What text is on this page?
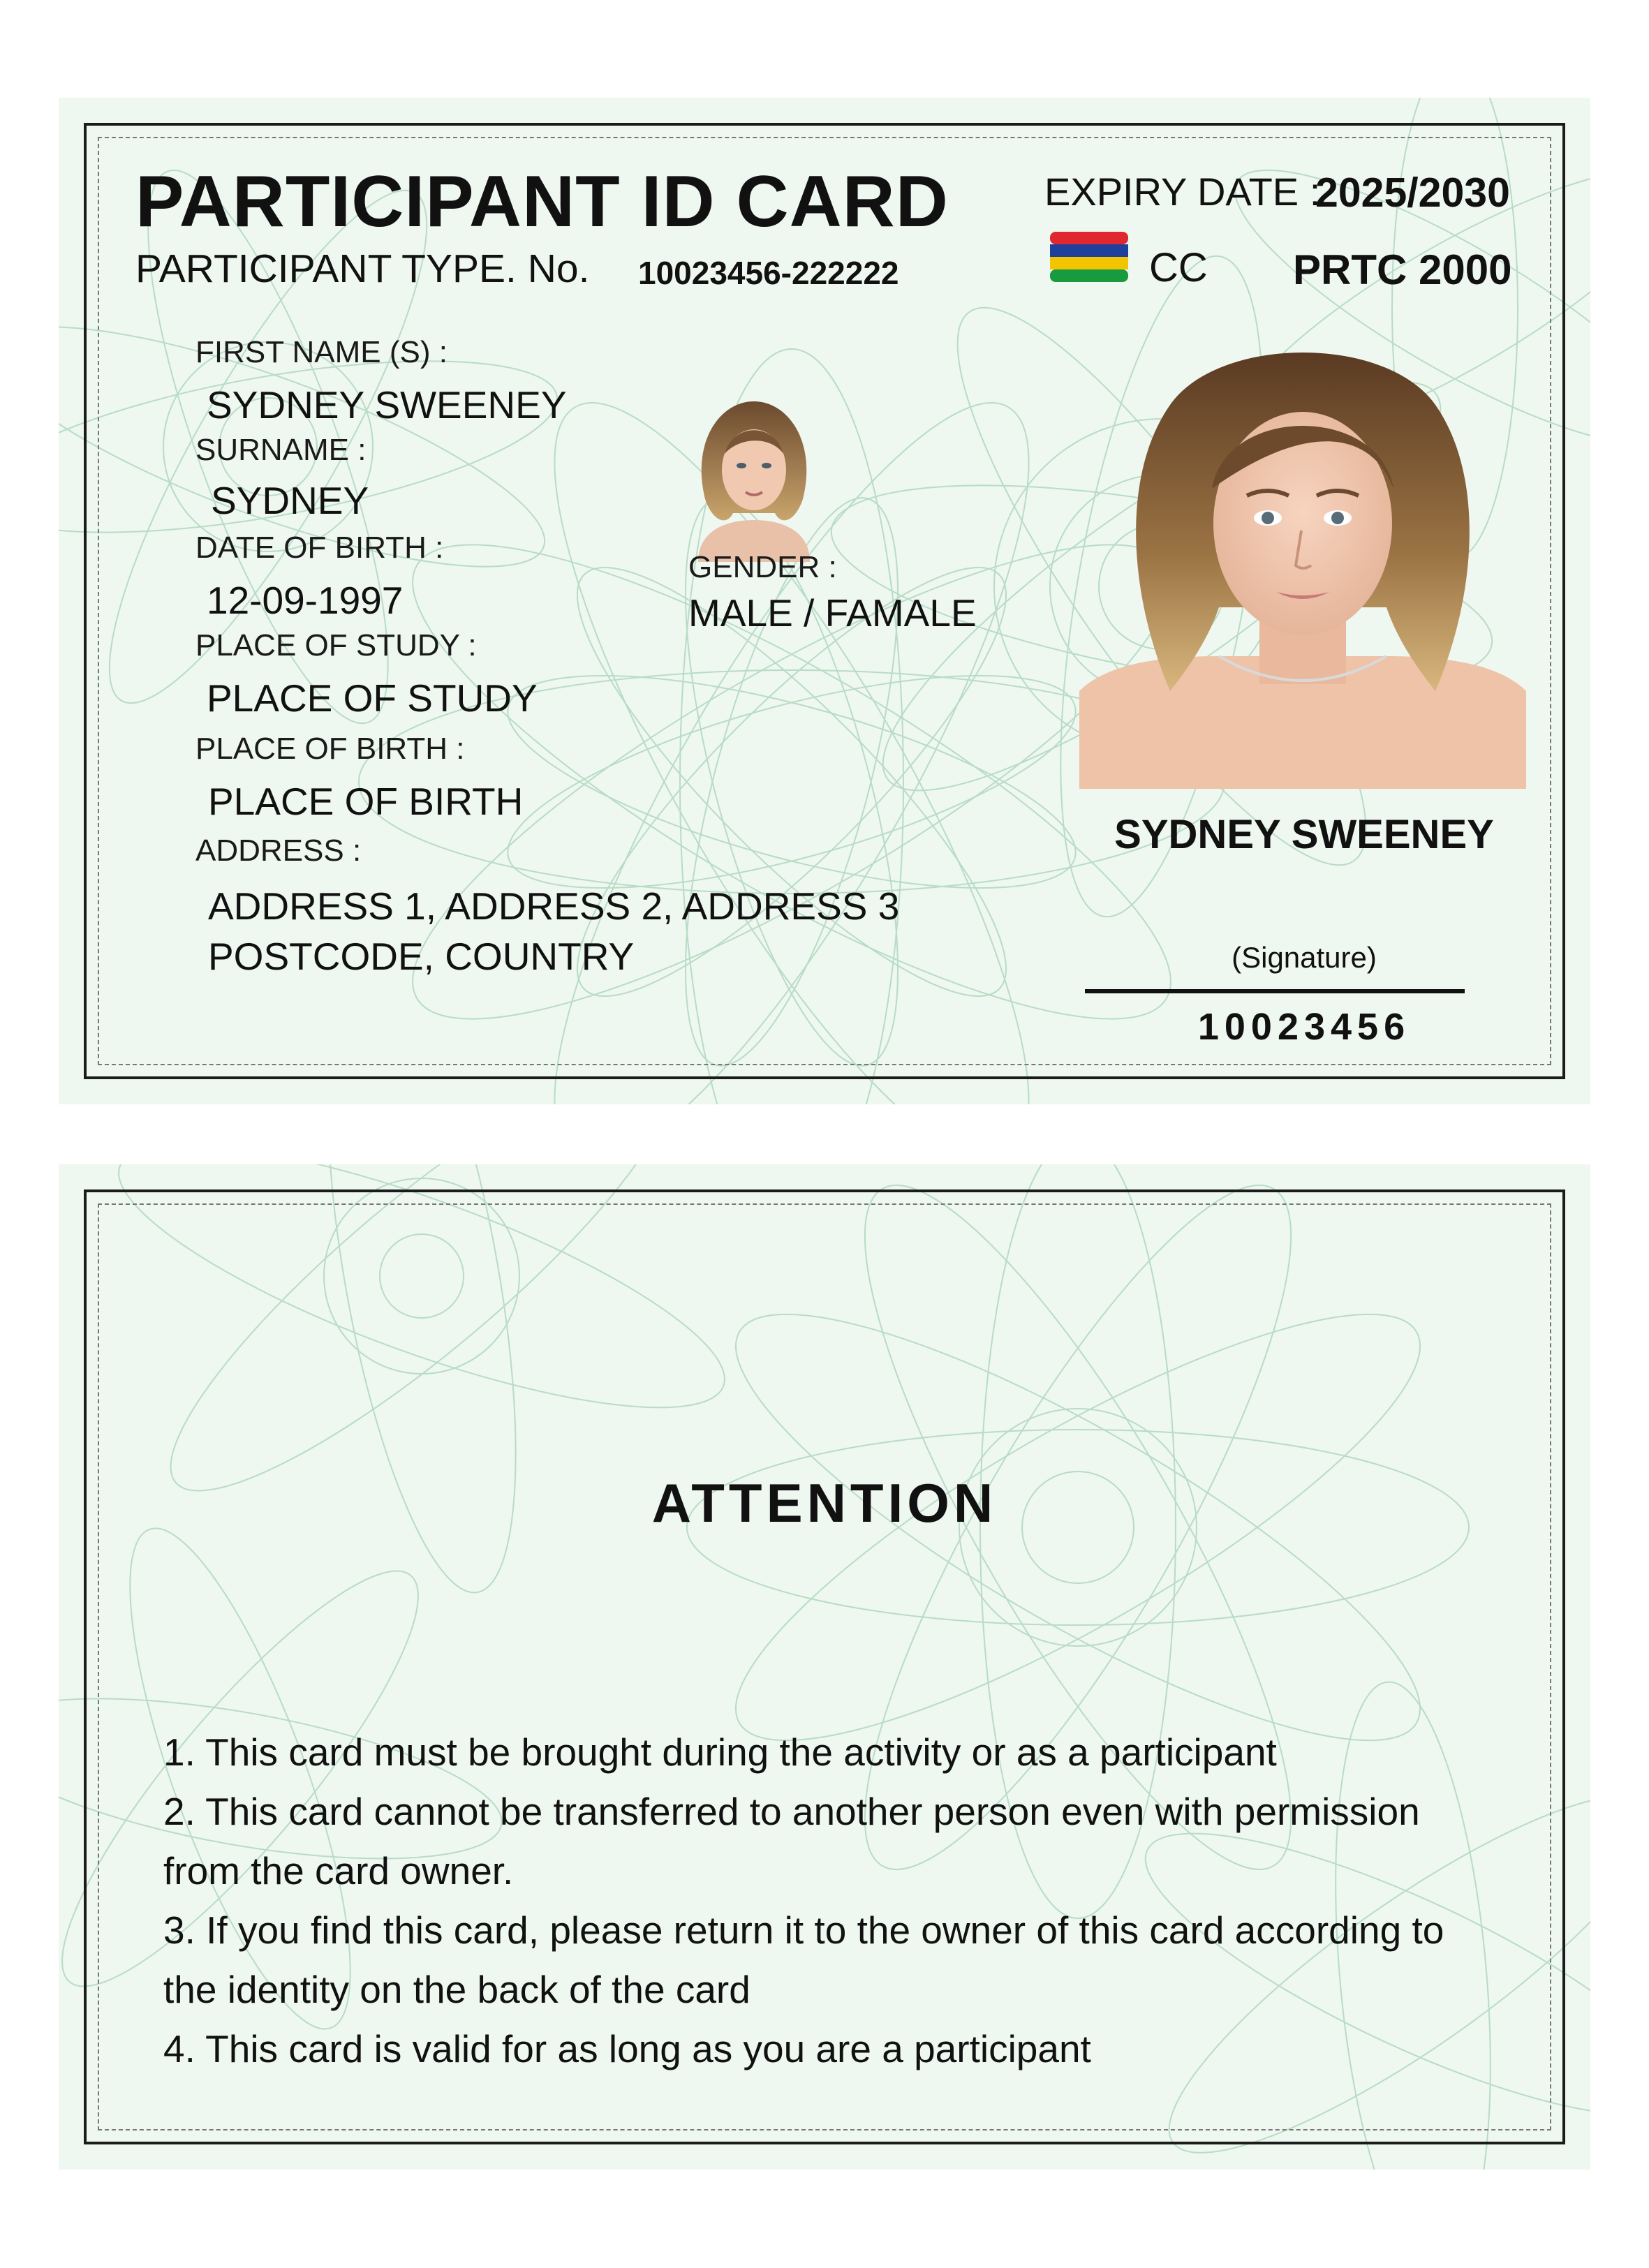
PARTICIPANT ID CARD
PARTICIPANT TYPE. No. 10023456-222222
EXPIRY DATE :
2025/2030
CC PRTC 2000
FIRST NAME (S) :
SYDNEY SWEENEY
SURNAME :
SYDNEY
DATE OF BIRTH :
12-09-1997
PLACE OF STUDY :
PLACE OF STUDY
PLACE OF BIRTH :
PLACE OF BIRTH
ADDRESS :
ADDRESS 1, ADDRESS 2, ADDRESS 3
POSTCODE, COUNTRY
GENDER :
MALE / FAMALE
SYDNEY SWEENEY
(Signature)
10023456
ATTENTION

1. This card must be brought during the activity or as a participant

2. This card cannot be transferred to another person even with permission from the card owner.

3. If you find this card, please return it to the owner of this card according to the identity on the back of the card

4. This card is valid for as long as you are a participant
